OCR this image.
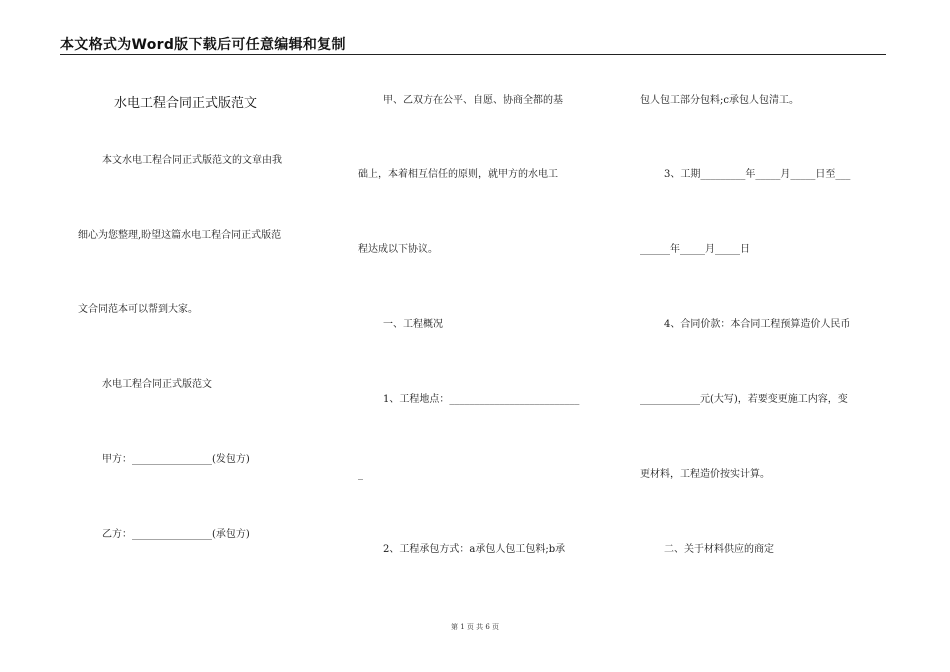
本文格式为Word版下载后可任意编辑和复制
水电工程合同正式版范文
本文水电工程合同正式版范文的文章由我
细心为您整理,盼望这篇水电工程合同正式版范
文合同范本可以帮到大家。
水电工程合同正式版范文
甲方：________________(发包方)
乙方：________________(承包方)
甲、乙双方在公平、自愿、协商全都的基
础上，本着相互信任的原则，就甲方的水电工
程达成以下协议。
一、工程概况
1、工程地点：__________________________
_
2、工程承包方式：a承包人包工包料;b承
包人包工部分包料;c承包人包清工。
3、工期_________年_____月_____日至___
______年_____月_____日
4、合同价款：本合同工程预算造价人民币
____________元(大写)，若要变更施工内容，变
更材料，工程造价按实计算。
二、关于材料供应的商定
第 1 页 共 6 页
